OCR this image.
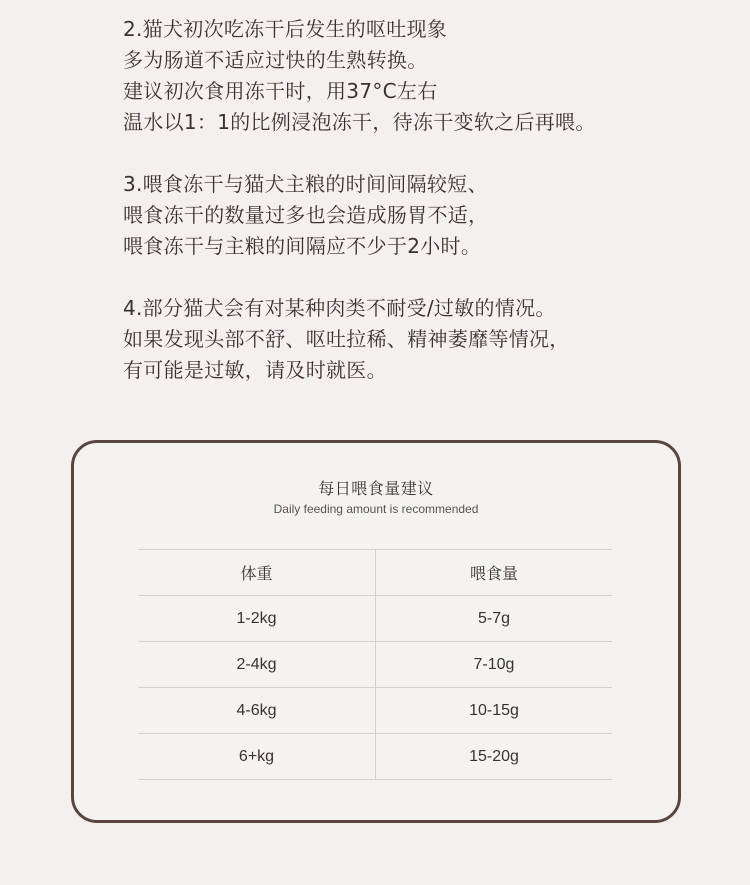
2.猫犬初次吃冻干后发生的呕吐现象
多为肠道不适应过快的生熟转换。
建议初次食用冻干时，用37°C左右
温水以1：1的比例浸泡冻干，待冻干变软之后再喂。
3.喂食冻干与猫犬主粮的时间间隔较短、
喂食冻干的数量过多也会造成肠胃不适，
喂食冻干与主粮的间隔应不少于2小时。
4.部分猫犬会有对某种肉类不耐受/过敏的情况。
如果发现头部不舒、呕吐拉稀、精神萎靡等情况，
有可能是过敏，请及时就医。
每日喂食量建议
Daily feeding amount is recommended
体重	喂食量
1-2kg	5-7g
2-4kg	7-10g
4-6kg	10-15g
6+kg	15-20g
